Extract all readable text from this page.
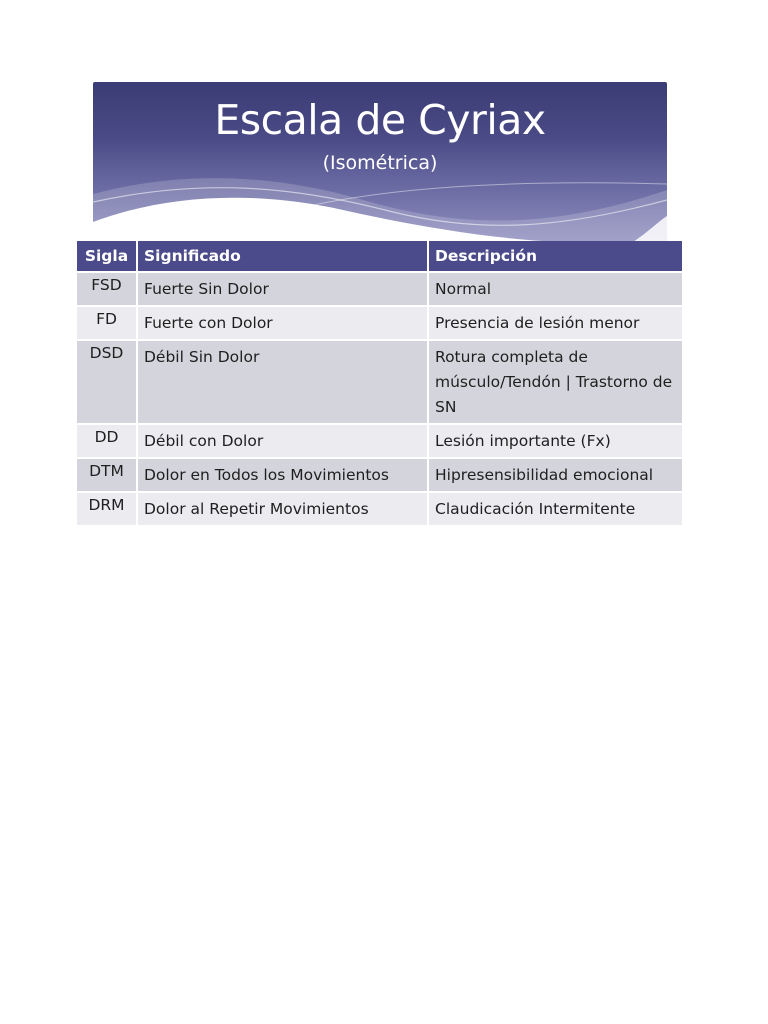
Escala de Cyriax
(Isométrica)
Sigla	Significado	Descripción
FSD	Fuerte Sin Dolor	Normal
FD	Fuerte con Dolor	Presencia de lesión menor
DSD	Débil Sin Dolor	Rotura completa de músculo/Tendón | Trastorno de SN
DD	Débil con Dolor	Lesión importante (Fx)
DTM	Dolor en Todos los Movimientos	Hipresensibilidad emocional
DRM	Dolor al Repetir Movimientos	Claudicación Intermitente
